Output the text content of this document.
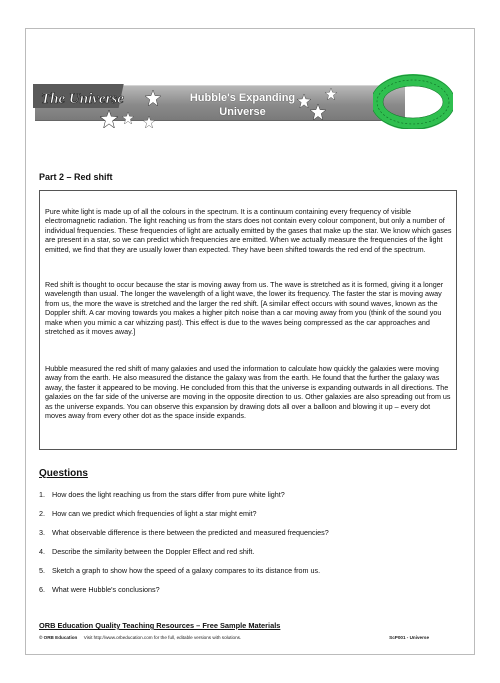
The Universe	Hubble's Expanding
Universe
Part 2 – Red shift

Pure white light is made up of all the colours in the spectrum. It is a continuum containing every frequency of visible electromagnetic radiation. The light reaching us from the stars does not contain every colour component, but only a number of individual frequencies. These frequencies of light are actually emitted by the gases that make up the star. We know which gases are present in a star, so we can predict which frequencies are emitted. When we actually measure the frequencies of the light emitted, we find that they are usually lower than expected. They have been shifted towards the red end of the spectrum.

Red shift is thought to occur because the star is moving away from us. The wave is stretched as it is formed, giving it a longer wavelength than usual. The longer the wavelength of a light wave, the lower its frequency. The faster the star is moving away from us, the more the wave is stretched and the larger the red shift. [A similar effect occurs with sound waves, known as the Doppler shift. A car moving towards you makes a higher pitch noise than a car moving away from you (think of the sound you make when you mimic a car whizzing past). This effect is due to the waves being compressed as the car approaches and stretched as it moves away.]

Hubble measured the red shift of many galaxies and used the information to calculate how quickly the galaxies were moving away from the earth. He also measured the distance the galaxy was from the earth. He found that the further the galaxy was away, the faster it appeared to be moving. He concluded from this that the universe is expanding outwards in all directions. The galaxies on the far side of the universe are moving in the opposite direction to us. Other galaxies are also spreading out from us as the universe expands. You can observe this expansion by drawing dots all over a balloon and blowing it up – every dot moves away from every other dot as the space inside expands.

Questions
1. How does the light reaching us from the stars differ from pure white light?
2. How can we predict which frequencies of light a star might emit?
3. What observable difference is there between the predicted and measured frequencies?
4. Describe the similarity between the Doppler Effect and red shift.
5. Sketch a graph to show how the speed of a galaxy compares to its distance from us.
6. What were Hubble's conclusions?
ORB Education Quality Teaching Resources – Free Sample Materials
© ORB Education Visit http://www.orbeducation.com for the full, editable versions with solutions.	ScP001 - Universe
